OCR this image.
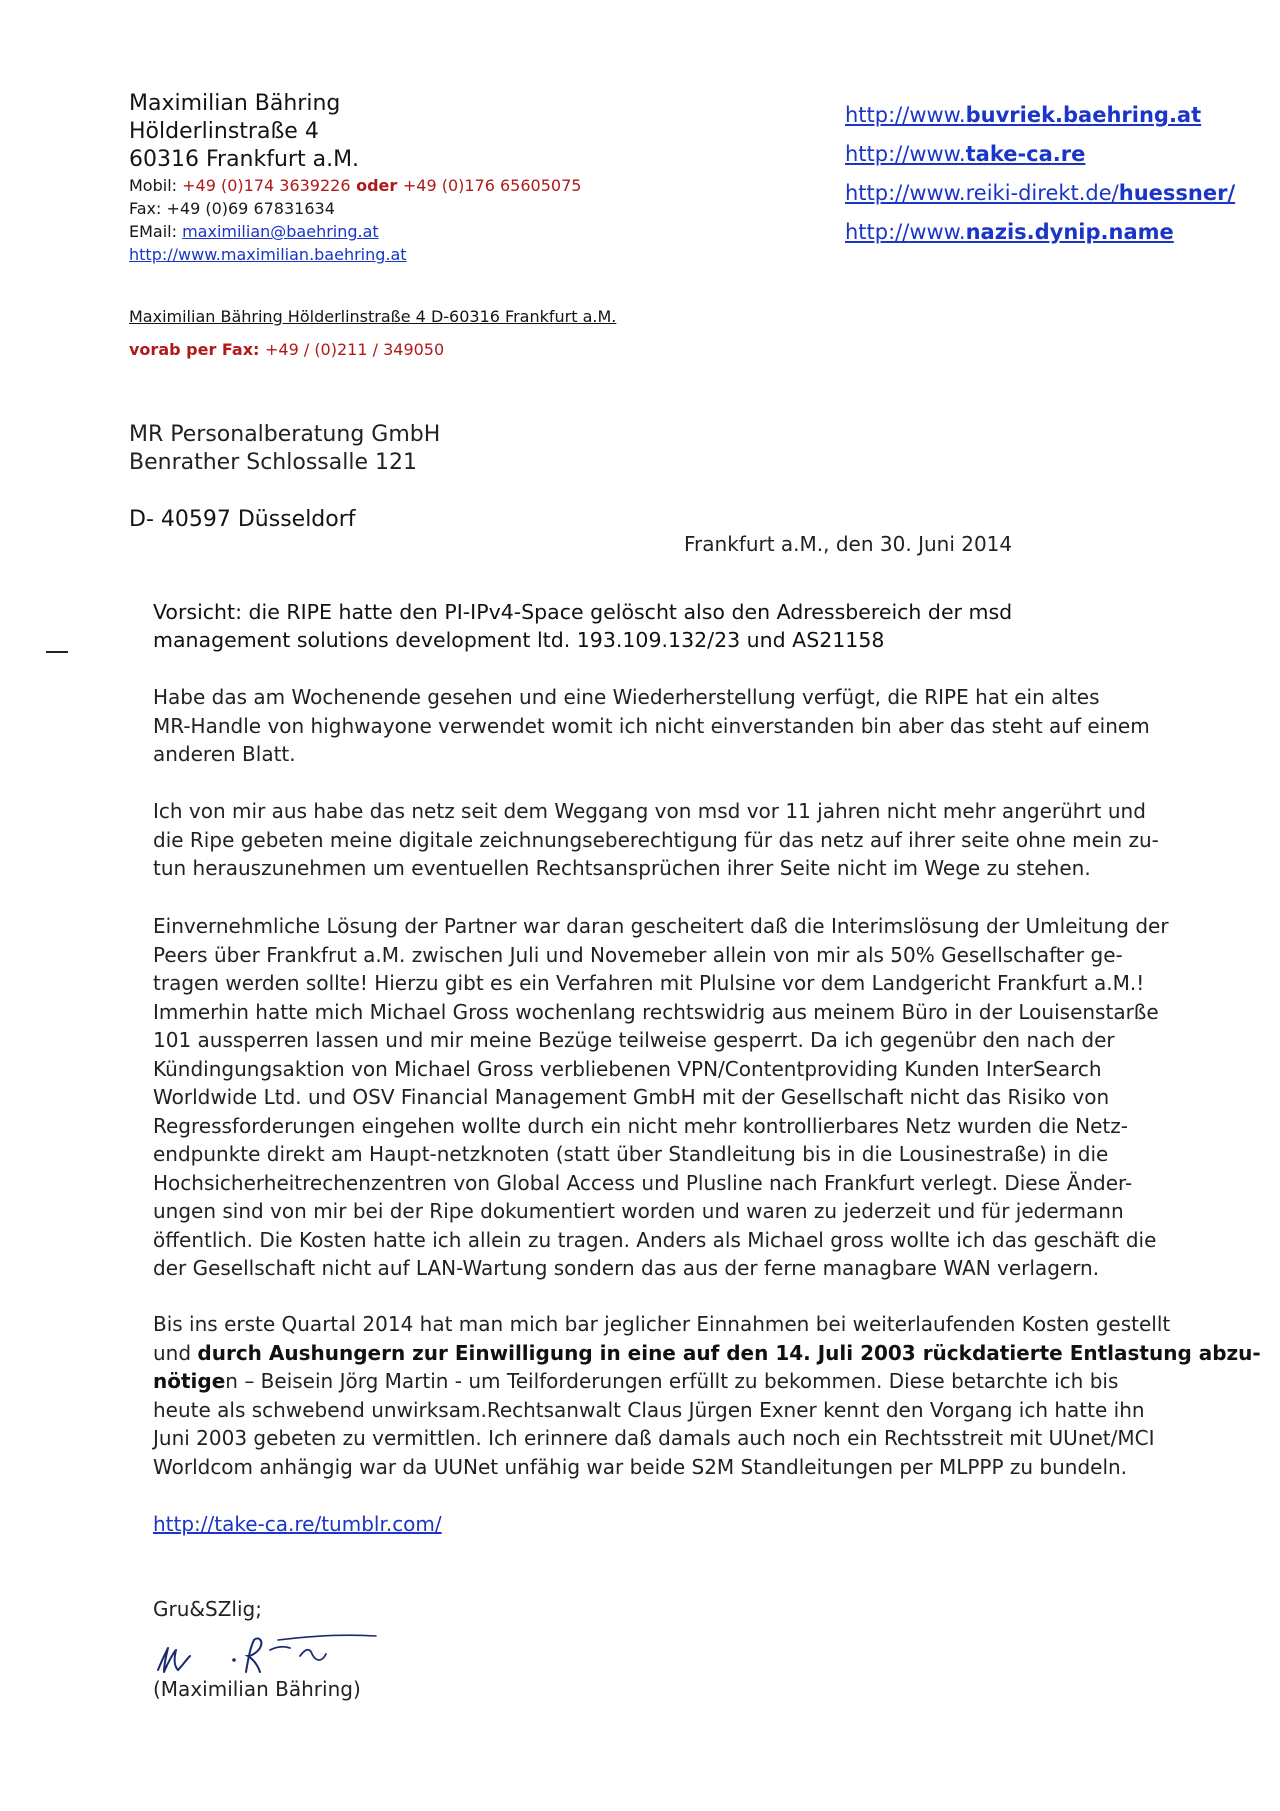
Maximilian Bähring
Hölderlinstraße 4
60316 Frankfurt a.M.
Mobil: +49 (0)174 3639226 oder +49 (0)176 65605075
Fax: +49 (0)69 67831634
EMail: maximilian@baehring.at
http://www.maximilian.baehring.at
http://www.buvriek.baehring.at
http://www.take-ca.re
http://www.reiki-direkt.de/huessner/
http://www.nazis.dynip.name
Maximilian Bähring Hölderlinstraße 4 D-60316 Frankfurt a.M.
vorab per Fax: +49 / (0)211 / 349050
MR Personalberatung GmbH
Benrather Schlossalle 121
D- 40597 Düsseldorf
Frankfurt a.M., den 30. Juni 2014
Vorsicht: die RIPE hatte den PI-IPv4-Space gelöscht also den Adressbereich der msd
management solutions development ltd. 193.109.132/23 und AS21158

Habe das am Wochenende gesehen und eine Wiederherstellung verfügt, die RIPE hat ein altes

MR-Handle von highwayone verwendet womit ich nicht einverstanden bin aber das steht auf einem

anderen Blatt.

Ich von mir aus habe das netz seit dem Weggang von msd vor 11 jahren nicht mehr angerührt und

die Ripe gebeten meine digitale zeichnungseberechtigung für das netz auf ihrer seite ohne mein zu-

tun herauszunehmen um eventuellen Rechtsansprüchen ihrer Seite nicht im Wege zu stehen.

Einvernehmliche Lösung der Partner war daran gescheitert daß die Interimslösung der Umleitung der

Peers über Frankfrut a.M. zwischen Juli und Novemeber allein von mir als 50% Gesellschafter ge-

tragen werden sollte! Hierzu gibt es ein Verfahren mit Plulsine vor dem Landgericht Frankfurt a.M.!

Immerhin hatte mich Michael Gross wochenlang rechtswidrig aus meinem Büro in der Louisenstarße

101 aussperren lassen und mir meine Bezüge teilweise gesperrt. Da ich gegenübr den nach der

Kündingungsaktion von Michael Gross verbliebenen VPN/Contentproviding Kunden InterSearch

Worldwide Ltd. und OSV Financial Management GmbH mit der Gesellschaft nicht das Risiko von

Regressforderungen eingehen wollte durch ein nicht mehr kontrollierbares Netz wurden die Netz-

endpunkte direkt am Haupt-netzknoten (statt über Standleitung bis in die Lousinestraße) in die

Hochsicherheitrechenzentren von Global Access und Plusline nach Frankfurt verlegt. Diese Änder-

ungen sind von mir bei der Ripe dokumentiert worden und waren zu jederzeit und für jedermann

öffentlich. Die Kosten hatte ich allein zu tragen. Anders als Michael gross wollte ich das geschäft die

der Gesellschaft nicht auf LAN-Wartung sondern das aus der ferne managbare WAN verlagern.

Bis ins erste Quartal 2014 hat man mich bar jeglicher Einnahmen bei weiterlaufenden Kosten gestellt

und durch Aushungern zur Einwilligung in eine auf den 14. Juli 2003 rückdatierte Entlastung abzu-

nötigen – Beisein Jörg Martin - um Teilforderungen erfüllt zu bekommen. Diese betarchte ich bis

heute als schwebend unwirksam.Rechtsanwalt Claus Jürgen Exner kennt den Vorgang ich hatte ihn

Juni 2003 gebeten zu vermittlen. Ich erinnere daß damals auch noch ein Rechtsstreit mit UUnet/MCI

Worldcom anhängig war da UUNet unfähig war beide S2M Standleitungen per MLPPP zu bundeln.

http://take-ca.re/tumblr.com/
Gru&SZlig;
(Maximilian Bähring)
